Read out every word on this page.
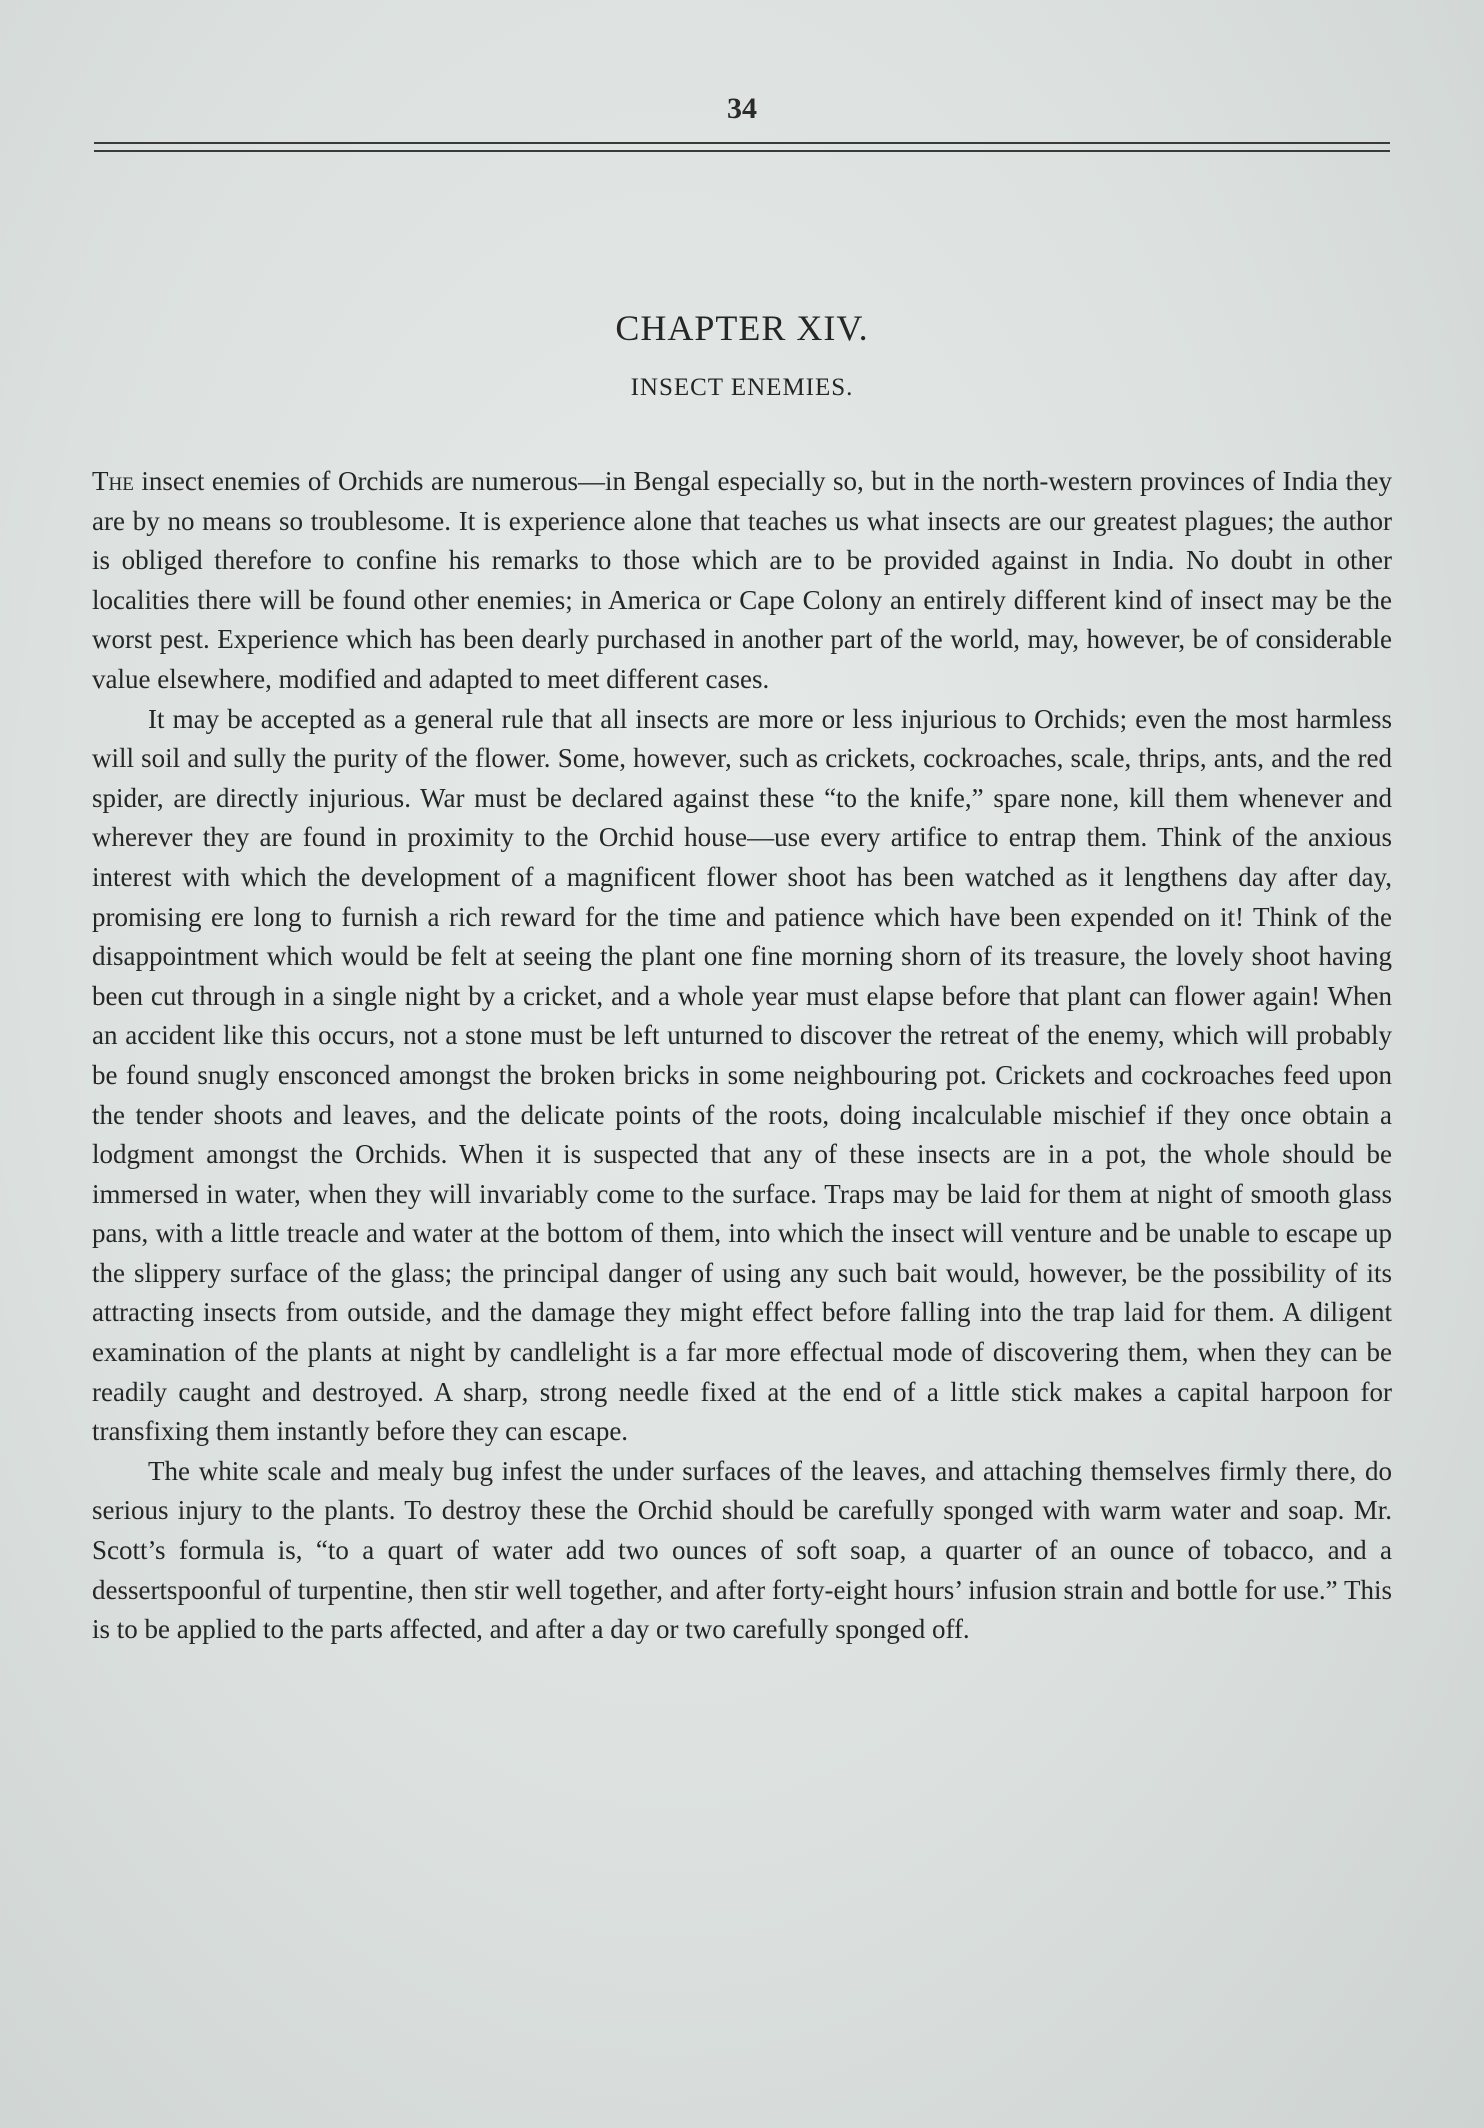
34
CHAPTER XIV.
INSECT ENEMIES.

The insect enemies of Orchids are numerous—in Bengal especially so, but in the north-western provinces of India they are by no means so troublesome. It is experience alone that teaches us what insects are our greatest plagues; the author is obliged therefore to confine his remarks to those which are to be provided against in India. No doubt in other localities there will be found other enemies; in America or Cape Colony an entirely different kind of insect may be the worst pest. Experience which has been dearly purchased in another part of the world, may, however, be of considerable value elsewhere, modified and adapted to meet different cases.

It may be accepted as a general rule that all insects are more or less injurious to Orchids; even the most harmless will soil and sully the purity of the flower. Some, however, such as crickets, cockroaches, scale, thrips, ants, and the red spider, are directly injurious. War must be declared against these “to the knife,” spare none, kill them whenever and wherever they are found in proximity to the Orchid house—use every artifice to entrap them. Think of the anxious interest with which the development of a magnificent flower shoot has been watched as it lengthens day after day, promising ere long to furnish a rich reward for the time and patience which have been expended on it! Think of the disappointment which would be felt at seeing the plant one fine morning shorn of its treasure, the lovely shoot having been cut through in a single night by a cricket, and a whole year must elapse before that plant can flower again! When an accident like this occurs, not a stone must be left unturned to discover the retreat of the enemy, which will probably be found snugly ensconced amongst the broken bricks in some neighbouring pot. Crickets and cockroaches feed upon the tender shoots and leaves, and the delicate points of the roots, doing incalculable mischief if they once obtain a lodgment amongst the Orchids. When it is suspected that any of these insects are in a pot, the whole should be immersed in water, when they will invariably come to the surface. Traps may be laid for them at night of smooth glass pans, with a little treacle and water at the bottom of them, into which the insect will venture and be unable to escape up the slippery surface of the glass; the principal danger of using any such bait would, however, be the possibility of its attracting insects from outside, and the damage they might effect before falling into the trap laid for them. A diligent examination of the plants at night by candlelight is a far more effectual mode of discovering them, when they can be readily caught and destroyed. A sharp, strong needle fixed at the end of a little stick makes a capital harpoon for transfixing them instantly before they can escape.

The white scale and mealy bug infest the under surfaces of the leaves, and attaching themselves firmly there, do serious injury to the plants. To destroy these the Orchid should be carefully sponged with warm water and soap. Mr. Scott’s formula is, “to a quart of water add two ounces of soft soap, a quarter of an ounce of tobacco, and a dessertspoonful of turpentine, then stir well together, and after forty-eight hours’ infusion strain and bottle for use.” This is to be applied to the parts affected, and after a day or two carefully sponged off.
